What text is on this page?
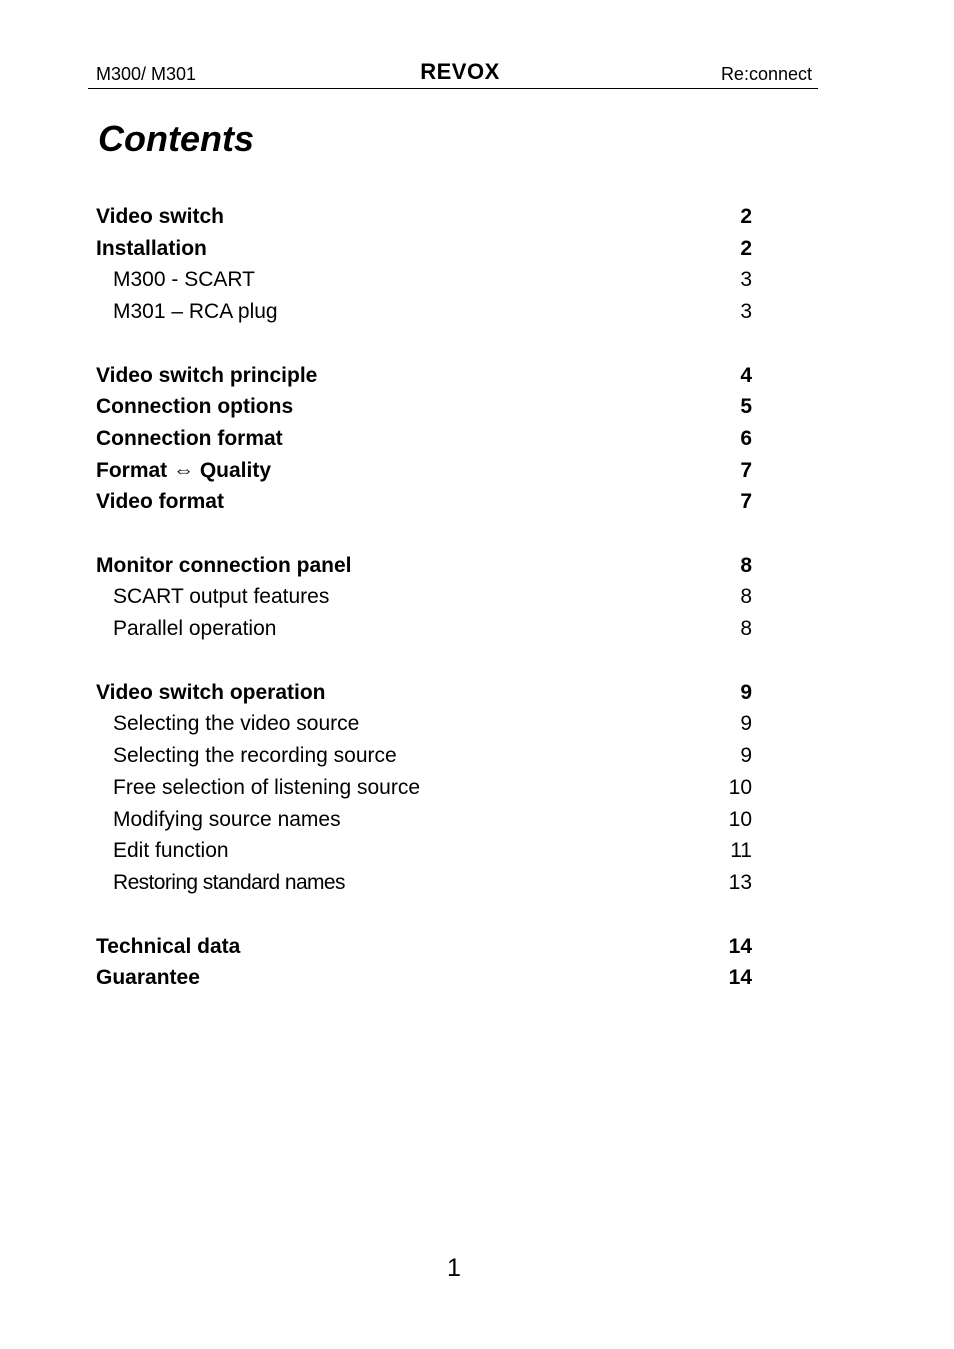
M300/ M301	REVOX	Re:connect
Contents
Video switch	2
Installation	2
M300 - SCART	3
M301 – RCA plug	3
Video switch principle	4
Connection options	5
Connection format	6
Format ⇔ Quality	7
Video format	7
Monitor connection panel	8
SCART output features	8
Parallel operation	8
Video switch operation	9
Selecting the video source	9
Selecting the recording source	9
Free selection of listening source	10
Modifying source names	10
Edit function	11
Restoring standard names	13
Technical data	14
Guarantee	14
1
